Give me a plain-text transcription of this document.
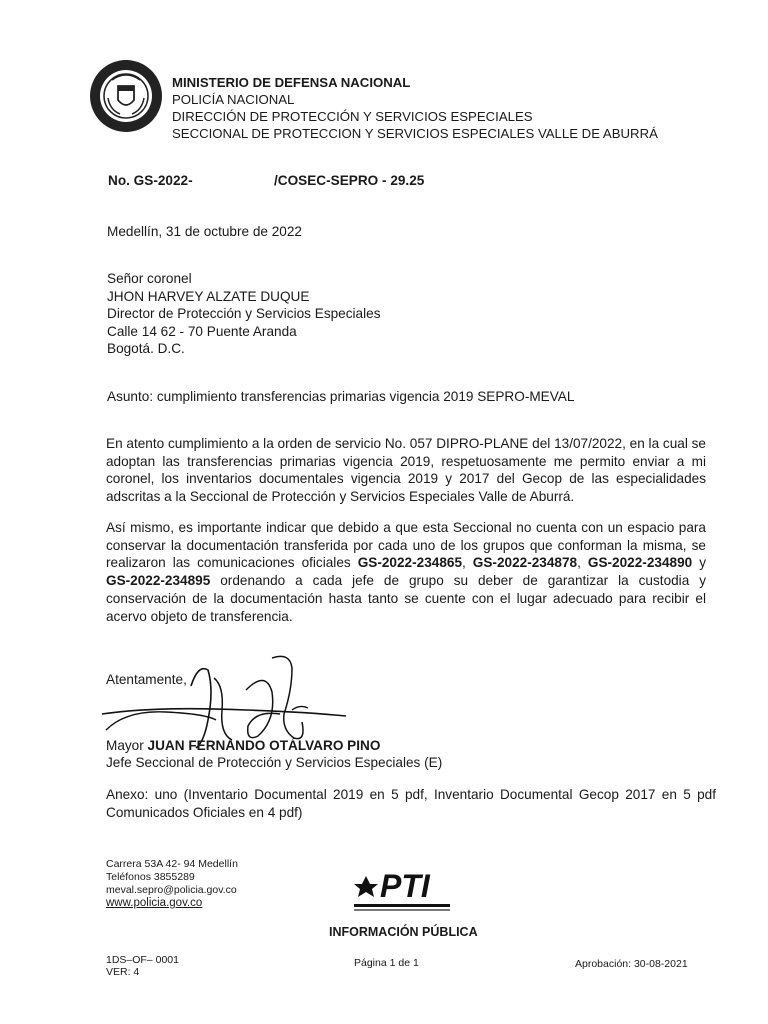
MINISTERIO DE DEFENSA NACIONAL
POLICÍA NACIONAL
DIRECCIÓN DE PROTECCIÓN Y SERVICIOS ESPECIALES
SECCIONAL DE PROTECCION Y SERVICIOS ESPECIALES VALLE DE ABURRÁ
No. GS-2022-	/COSEC-SEPRO - 29.25
Medellín, 31 de octubre de 2022
Señor coronel
JHON HARVEY ALZATE DUQUE
Director de Protección y Servicios Especiales
Calle 14 62 - 70 Puente Aranda
Bogotá. D.C.
Asunto: cumplimiento transferencias primarias vigencia 2019 SEPRO-MEVAL
En atento cumplimiento a la orden de servicio No. 057 DIPRO-PLANE del 13/07/2022, en la cual se adoptan las transferencias primarias vigencia 2019, respetuosamente me permito enviar a mi coronel, los inventarios documentales vigencia 2019 y 2017 del Gecop de las especialidades adscritas a la Seccional de Protección y Servicios Especiales Valle de Aburrá.
Así mismo, es importante indicar que debido a que esta Seccional no cuenta con un espacio para conservar la documentación transferida por cada uno de los grupos que conforman la misma, se realizaron las comunicaciones oficiales GS-2022-234865, GS-2022-234878, GS-2022-234890 y GS-2022-234895 ordenando a cada jefe de grupo su deber de garantizar la custodia y conservación de la documentación hasta tanto se cuente con el lugar adecuado para recibir el acervo objeto de transferencia.
Atentamente,
Mayor JUAN FERNANDO OTÁLVARO PINO
Jefe Seccional de Protección y Servicios Especiales (E)
Anexo: uno (Inventario Documental 2019 en 5 pdf, Inventario Documental Gecop 2017 en 5 pdf Comunicados Oficiales en 4 pdf)
Carrera 53A 42- 94 Medellín
Teléfonos 3855289
meval.sepro@policia.gov.co
www.policia.gov.co	PTI
INFORMACIÓN PÚBLICA
1DS–OF– 0001
VER: 4
Página 1 de 1	Aprobación: 30-08-2021
